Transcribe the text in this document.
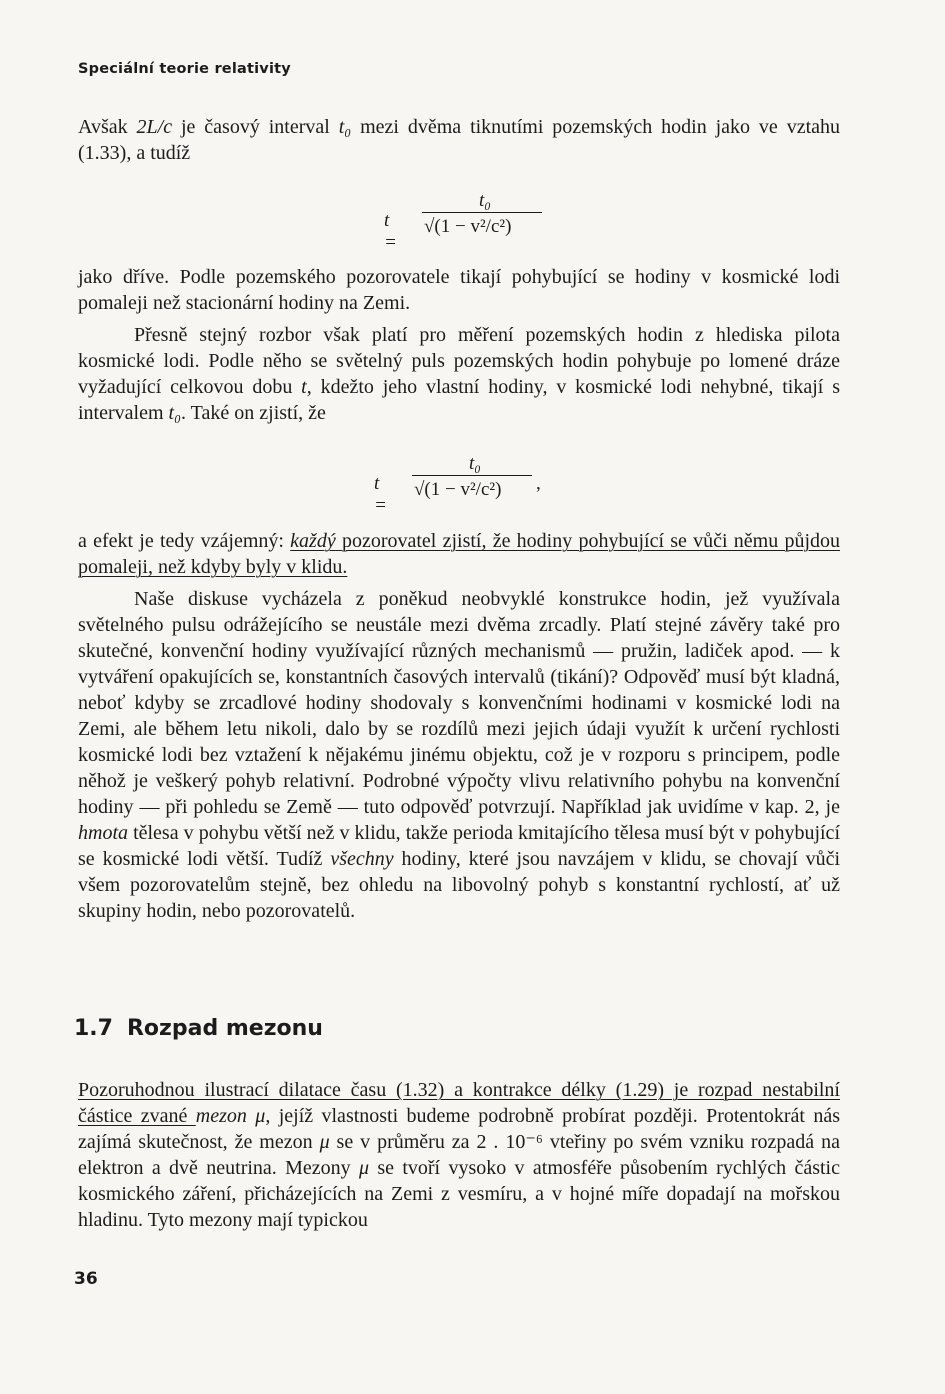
Speciální teorie relativity

Avšak 2L/c je časový interval t₀ mezi dvěma tiknutími pozemských hodin jako ve vztahu (1.33), a tudíž

t =
t₀
√(1 − v²/c²)

jako dříve. Podle pozemského pozorovatele tikají pohybující se hodiny v kosmické lodi pomaleji než stacionární hodiny na Zemi.

Přesně stejný rozbor však platí pro měření pozemských hodin z hlediska pilota kosmické lodi. Podle něho se světelný puls pozemských hodin pohybuje po lomené dráze vyžadující celkovou dobu t, kdežto jeho vlastní hodiny, v kosmické lodi nehybné, tikají s intervalem t₀. Také on zjistí, že

t =
t₀
√(1 − v²/c²) ,

a efekt je tedy vzájemný: každý pozorovatel zjistí, že hodiny pohybující se vůči němu půjdou pomaleji, než kdyby byly v klidu.

Naše diskuse vycházela z poněkud neobvyklé konstrukce hodin, jež využívala světelného pulsu odrážejícího se neustále mezi dvěma zrcadly. Platí stejné závěry také pro skutečné, konvenční hodiny využívající různých mechanismů — pružin, ladiček apod. — k vytváření opakujících se, konstantních časových intervalů (tikání)? Odpověď musí být kladná, neboť kdyby se zrcadlové hodiny shodovaly s konvenčními hodinami v kosmické lodi na Zemi, ale během letu nikoli, dalo by se rozdílů mezi jejich údaji využít k určení rychlosti kosmické lodi bez vztažení k nějakému jinému objektu, což je v rozporu s principem, podle něhož je veškerý pohyb relativní. Podrobné výpočty vlivu relativního pohybu na konvenční hodiny — při pohledu se Země — tuto odpověď potvrzují. Například jak uvidíme v kap. 2, je hmota tělesa v pohybu větší než v klidu, takže perioda kmitajícího tělesa musí být v pohybující se kosmické lodi větší. Tudíž všechny hodiny, které jsou navzájem v klidu, se chovají vůči všem pozorovatelům stejně, bez ohledu na libovolný pohyb s konstantní rychlostí, ať už skupiny hodin, nebo pozorovatelů.

1.7 Rozpad mezonu

Pozoruhodnou ilustrací dilatace času (1.32) a kontrakce délky (1.29) je rozpad nestabilní částice zvané mezon μ, jejíž vlastnosti budeme podrobně probírat později. Protentokrát nás zajímá skutečnost, že mezon μ se v průměru za 2 . 10⁻⁶ vteřiny po svém vzniku rozpadá na elektron a dvě neutrina. Mezony μ se tvoří vysoko v atmosféře působením rychlých částic kosmického záření, přicházejících na Zemi z vesmíru, a v hojné míře dopadají na mořskou hladinu. Tyto mezony mají typickou

36
